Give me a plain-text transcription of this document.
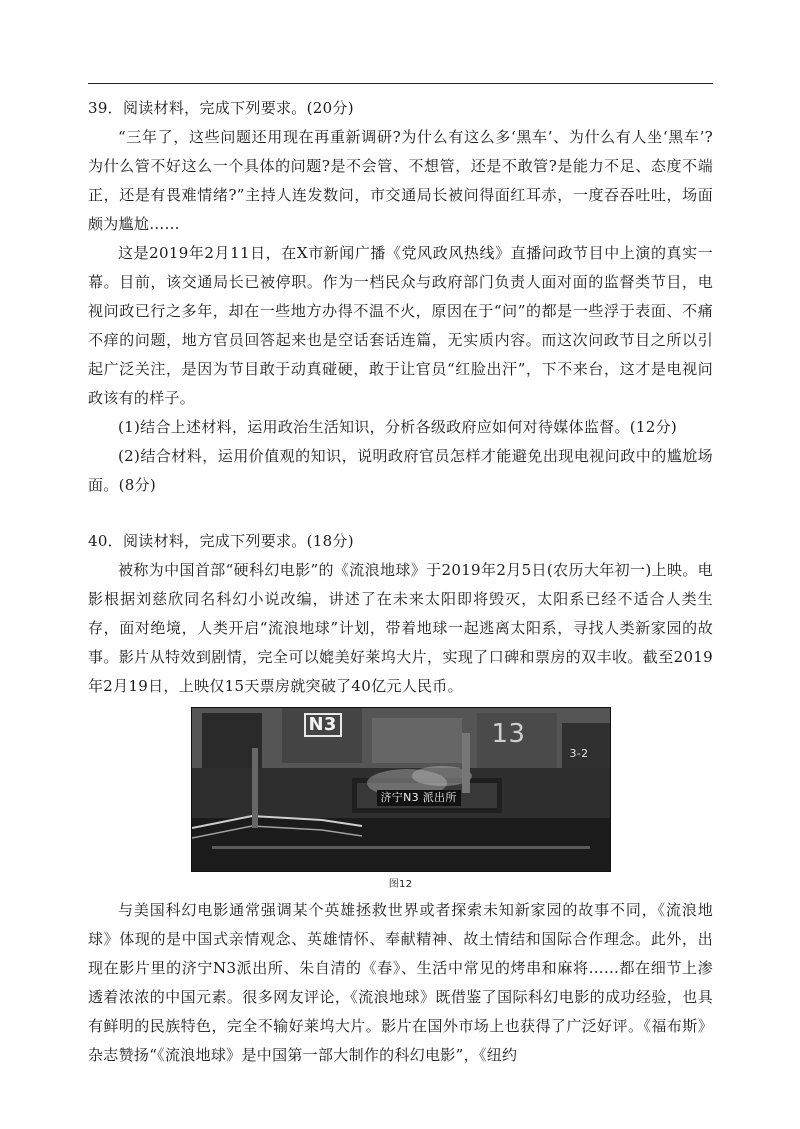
39．阅读材料，完成下列要求。(20分)

“三年了，这些问题还用现在再重新调研?为什么有这么多‘黑车’、为什么有人坐‘黑车’?为什么管不好这么一个具体的问题?是不会管、不想管，还是不敢管?是能力不足、态度不端正，还是有畏难情绪?”主持人连发数问，市交通局长被问得面红耳赤，一度吞吞吐吐，场面颇为尴尬……

这是2019年2月11日，在X市新闻广播《党风政风热线》直播问政节目中上演的真实一幕。目前，该交通局长已被停职。作为一档民众与政府部门负责人面对面的监督类节目，电视问政已行之多年，却在一些地方办得不温不火，原因在于“问”的都是一些浮于表面、不痛不痒的问题，地方官员回答起来也是空话套话连篇，无实质内容。而这次问政节目之所以引起广泛关注，是因为节目敢于动真碰硬，敢于让官员“红脸出汗”，下不来台，这才是电视问政该有的样子。

(1)结合上述材料，运用政治生活知识，分析各级政府应如何对待媒体监督。(12分)

(2)结合材料，运用价值观的知识，说明政府官员怎样才能避免出现电视问政中的尴尬场面。(8分)

40．阅读材料，完成下列要求。(18分)

被称为中国首部“硬科幻电影”的《流浪地球》于2019年2月5日(农历大年初一)上映。电影根据刘慈欣同名科幻小说改编，讲述了在未来太阳即将毁灭，太阳系已经不适合人类生存，面对绝境，人类开启“流浪地球”计划，带着地球一起逃离太阳系，寻找人类新家园的故事。影片从特效到剧情，完全可以媲美好莱坞大片，实现了口碑和票房的双丰收。截至2019年2月19日，上映仅15天票房就突破了40亿元人民币。

N3	13
3-2
济宁N3 派出所
图12

与美国科幻电影通常强调某个英雄拯救世界或者探索未知新家园的故事不同，《流浪地球》体现的是中国式亲情观念、英雄情怀、奉献精神、故土情结和国际合作理念。此外，出现在影片里的济宁N3派出所、朱自清的《春》、生活中常见的烤串和麻将……都在细节上渗透着浓浓的中国元素。很多网友评论，《流浪地球》既借鉴了国际科幻电影的成功经验，也具有鲜明的民族特色，完全不输好莱坞大片。影片在国外市场上也获得了广泛好评。《福布斯》杂志赞扬“《流浪地球》是中国第一部大制作的科幻电影”，《纽约
